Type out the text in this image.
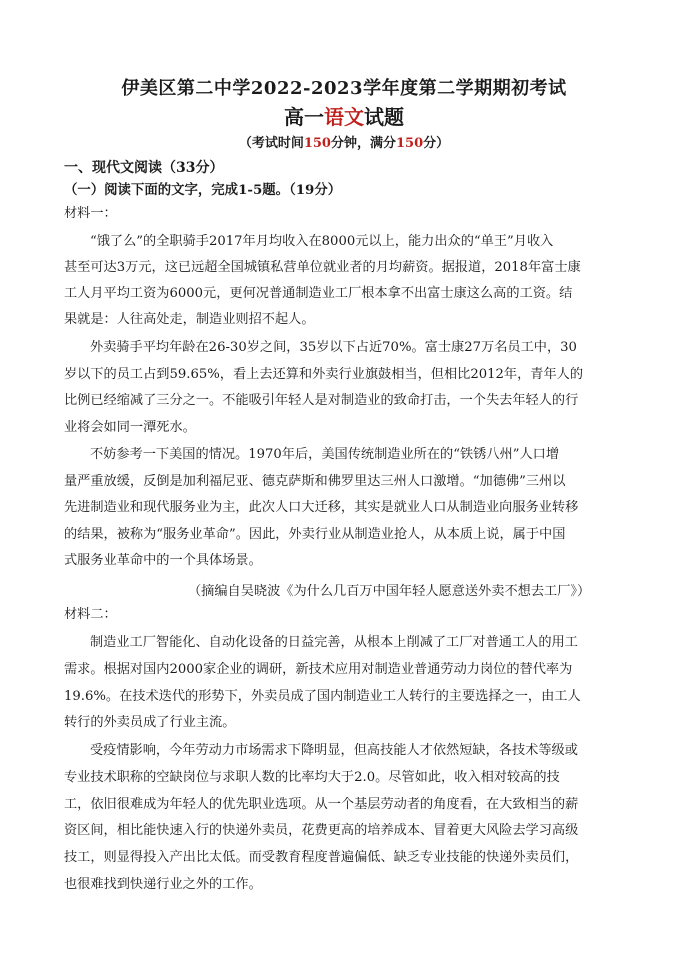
伊美区第二中学2022-2023学年度第二学期期初考试
高一语文试题
（考试时间150分钟，满分150分）
一、现代文阅读（33分）
（一）阅读下面的文字，完成1-5题。（19分）
材料一：
“饿了么”的全职骑手2017年月均收入在8000元以上，能力出众的“单王”月收入
甚至可达3万元，这已远超全国城镇私营单位就业者的月均薪资。据报道，2018年富士康
工人月平均工资为6000元，更何况普通制造业工厂根本拿不出富士康这么高的工资。结
果就是：人往高处走，制造业则招不起人。
外卖骑手平均年龄在26-30岁之间，35岁以下占近70%。富士康27万名员工中，30
岁以下的员工占到59.65%，看上去还算和外卖行业旗鼓相当，但相比2012年，青年人的
比例已经缩减了三分之一。不能吸引年轻人是对制造业的致命打击，一个失去年轻人的行
业将会如同一潭死水。
不妨参考一下美国的情况。1970年后，美国传统制造业所在的“铁锈八州”人口增
量严重放缓，反倒是加利福尼亚、德克萨斯和佛罗里达三州人口激增。“加德佛”三州以
先进制造业和现代服务业为主，此次人口大迁移，其实是就业人口从制造业向服务业转移
的结果，被称为“服务业革命”。因此，外卖行业从制造业抢人，从本质上说，属于中国
式服务业革命中的一个具体场景。
（摘编自吴晓波《为什么几百万中国年轻人愿意送外卖不想去工厂》）
材料二：
制造业工厂智能化、自动化设备的日益完善，从根本上削减了工厂对普通工人的用工
需求。根据对国内2000家企业的调研，新技术应用对制造业普通劳动力岗位的替代率为
19.6%。在技术迭代的形势下，外卖员成了国内制造业工人转行的主要选择之一，由工人
转行的外卖员成了行业主流。
受疫情影响，今年劳动力市场需求下降明显，但高技能人才依然短缺，各技术等级或
专业技术职称的空缺岗位与求职人数的比率均大于2.0。尽管如此，收入相对较高的技
工，依旧很难成为年轻人的优先职业选项。从一个基层劳动者的角度看，在大致相当的薪
资区间，相比能快速入行的快递外卖员，花费更高的培养成本、冒着更大风险去学习高级
技工，则显得投入产出比太低。而受教育程度普遍偏低、缺乏专业技能的快递外卖员们，
也很难找到快递行业之外的工作。
